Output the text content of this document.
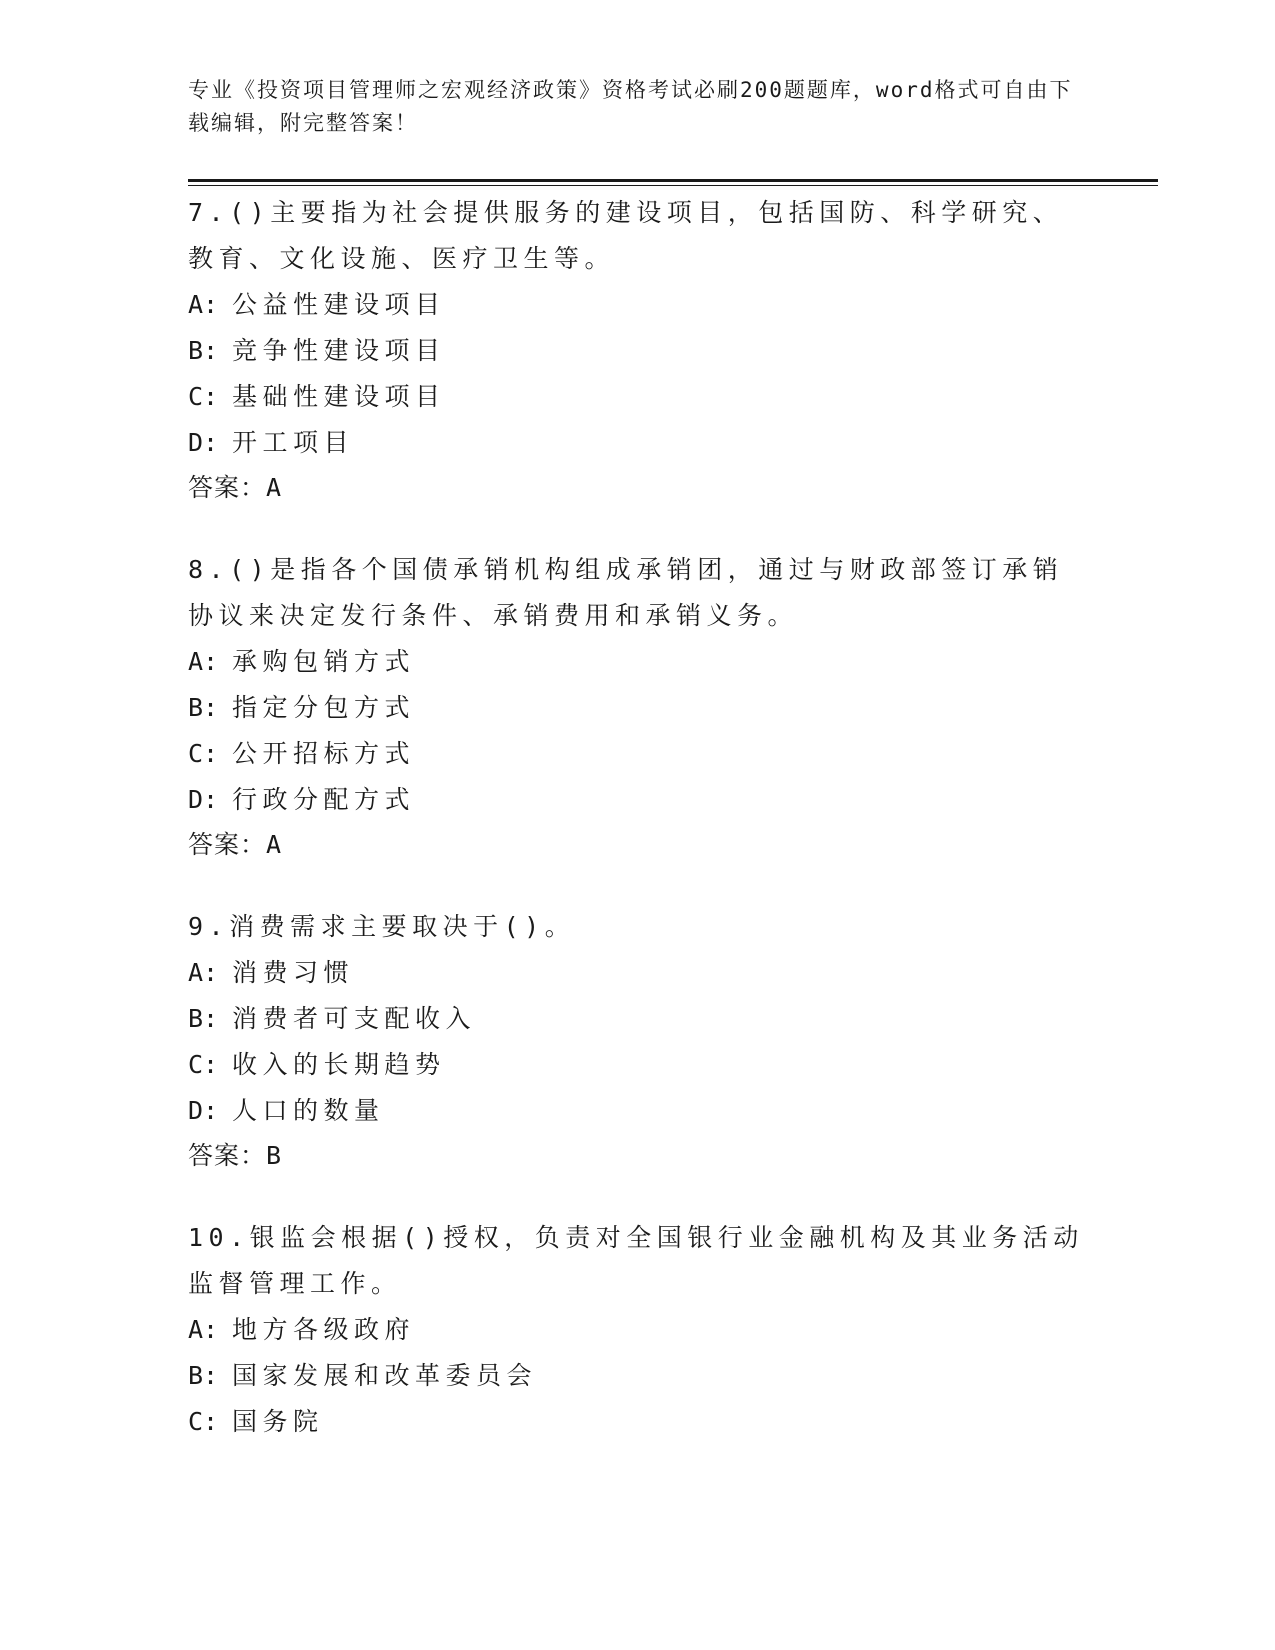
专业《投资项目管理师之宏观经济政策》资格考试必刷200题题库，word格式可自由下载编辑，附完整答案！

7.()主要指为社会提供服务的建设项目，包括国防、科学研究、教育、文化设施、医疗卫生等。

A: 公益性建设项目

B: 竞争性建设项目

C: 基础性建设项目

D: 开工项目

答案：A

8.()是指各个国债承销机构组成承销团，通过与财政部签订承销协议来决定发行条件、承销费用和承销义务。

A: 承购包销方式

B: 指定分包方式

C: 公开招标方式

D: 行政分配方式

答案：A

9.消费需求主要取决于()。

A: 消费习惯

B: 消费者可支配收入

C: 收入的长期趋势

D: 人口的数量

答案：B

10.银监会根据()授权，负责对全国银行业金融机构及其业务活动监督管理工作。

A: 地方各级政府

B: 国家发展和改革委员会

C: 国务院
